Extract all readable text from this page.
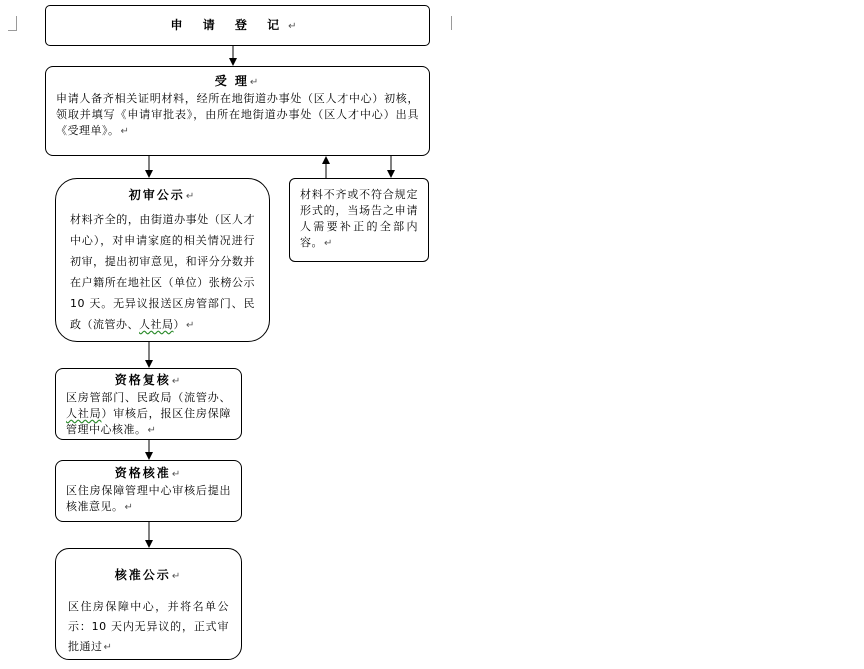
申 请 登 记↵
受 理↵
申请人备齐相关证明材料，经所在地街道办事处（区人才中心）初核，领取并填写《申请审批表》，由所在地街道办事处（区人才中心）出具《受理单》。↵
初审公示↵
材料齐全的，由街道办事处（区人才中心），对申请家庭的相关情况进行初审，提出初审意见，和评分分数并在户籍所在地社区（单位）张榜公示 10 天。无异议报送区房管部门、民政（流管办、人社局）↵
材料不齐或不符合规定形式的，当场告之申请人需要补正的全部内容。↵
资格复核↵
区房管部门、民政局（流管办、人社局）审核后，报区住房保障管理中心核准。↵
资格核准↵
区住房保障管理中心审核后提出核准意见。↵
核准公示↵
区住房保障中心，并将名单公示：10 天内无异议的，正式审批通过↵
